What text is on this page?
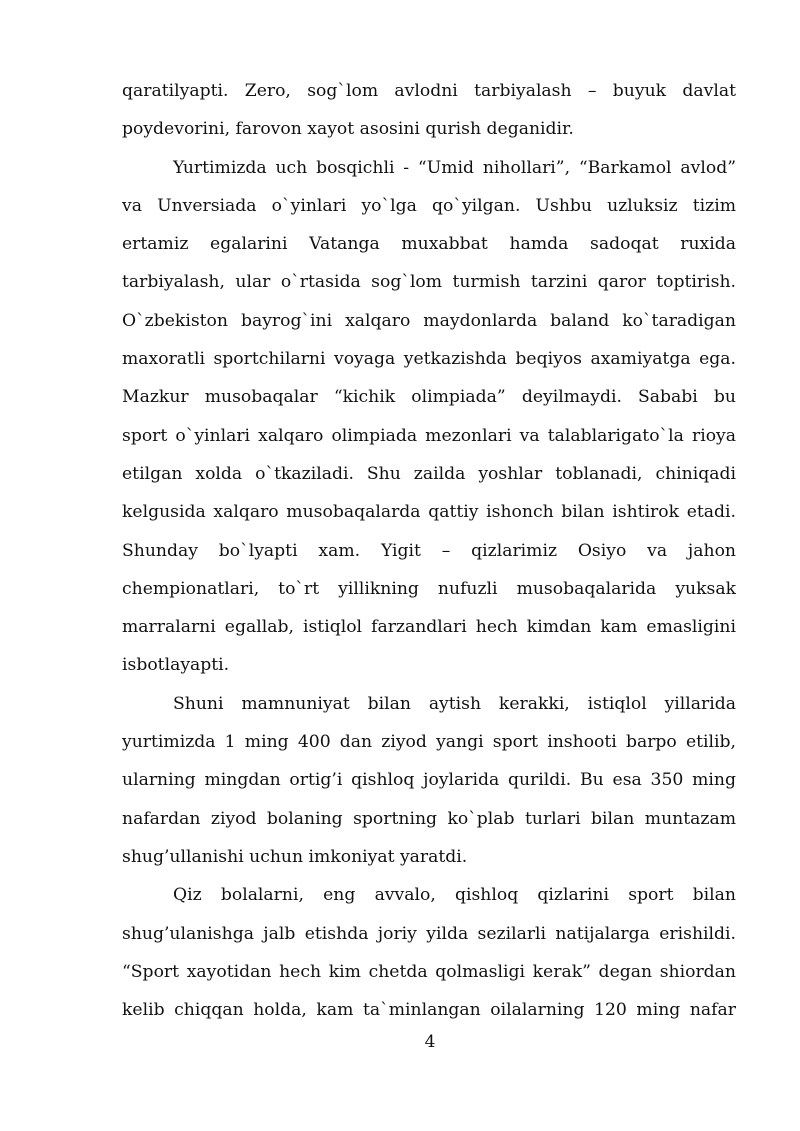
qaratilyapti. Zero, sog`lom avlodni tarbiyalash – buyuk davlat
poydevorini, farovon xayot asosini qurish deganidir.
Yurtimizda uch bosqichli - “Umid nihollari”, “Barkamol avlod”
va Unversiada o`yinlari yo`lga qo`yilgan. Ushbu uzluksiz tizim
ertamiz egalarini Vatanga muxabbat hamda sadoqat ruxida
tarbiyalash, ular o`rtasida sog`lom turmish tarzini qaror toptirish.
O`zbekiston bayrog`ini xalqaro maydonlarda baland ko`taradigan
maxoratli sportchilarni voyaga yetkazishda beqiyos axamiyatga ega.
Mazkur musobaqalar “kichik olimpiada” deyilmaydi. Sababi bu
sport o`yinlari xalqaro olimpiada mezonlari va talablarigato`la rioya
etilgan xolda o`tkaziladi. Shu zailda yoshlar toblanadi, chiniqadi
kelgusida xalqaro musobaqalarda qattiy ishonch bilan ishtirok etadi.
Shunday bo`lyapti xam. Yigit – qizlarimiz Osiyo va jahon
chempionatlari, to`rt yillikning nufuzli musobaqalarida yuksak
marralarni egallab, istiqlol farzandlari hech kimdan kam emasligini
isbotlayapti.
Shuni mamnuniyat bilan aytish kerakki, istiqlol yillarida
yurtimizda 1 ming 400 dan ziyod yangi sport inshooti barpo etilib,
ularning mingdan ortig’i qishloq joylarida qurildi. Bu esa 350 ming
nafardan ziyod bolaning sportning ko`plab turlari bilan muntazam
shug’ullanishi uchun imkoniyat yaratdi.
Qiz bolalarni, eng avvalo, qishloq qizlarini sport bilan
shug’ulanishga jalb etishda joriy yilda sezilarli natijalarga erishildi.
“Sport xayotidan hech kim chetda qolmasligi kerak” degan shiordan
kelib chiqqan holda, kam ta`minlangan oilalarning 120 ming nafar
4
